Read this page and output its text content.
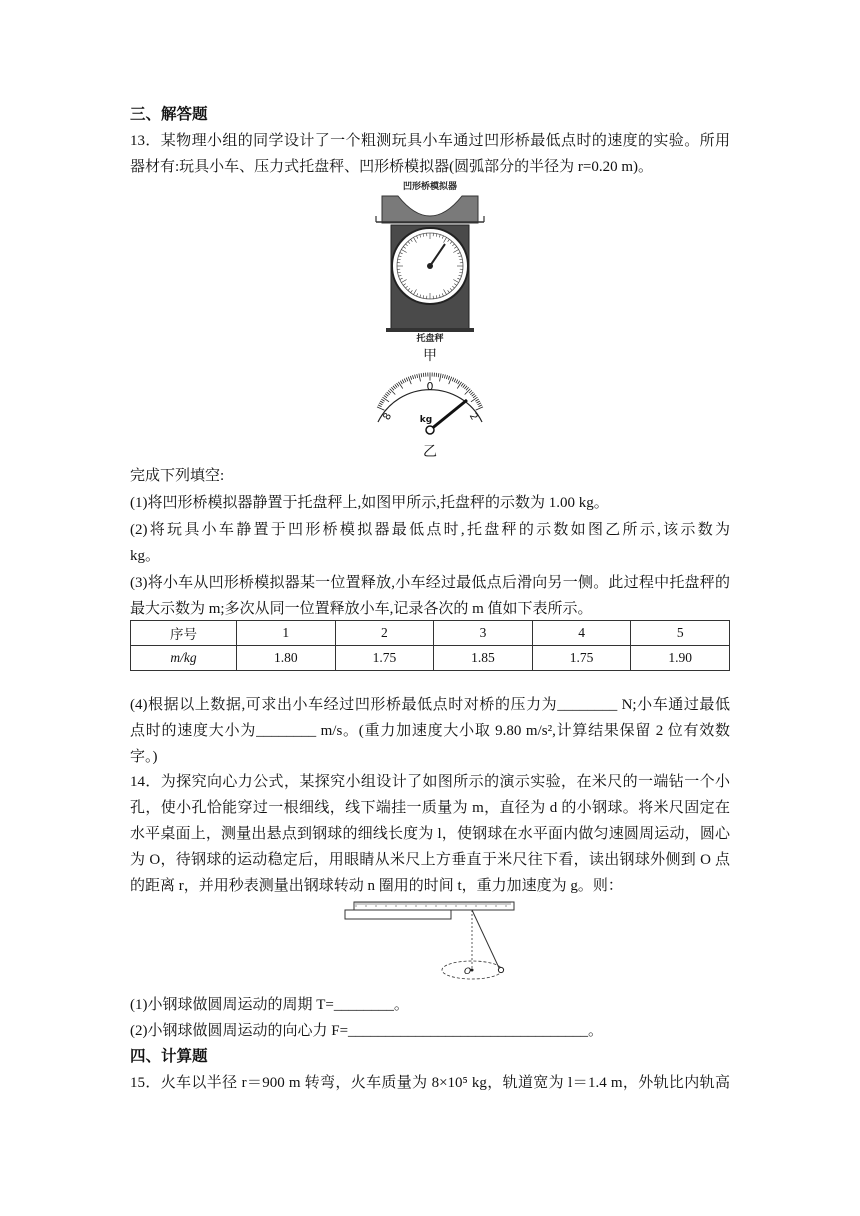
三、解答题
13．某物理小组的同学设计了一个粗测玩具小车通过凹形桥最低点时的速度的实验。所用
器材有:玩具小车、压力式托盘秤、凹形桥模拟器(圆弧部分的半径为 r=0.20 m)。
凹形桥模拟器
托盘秤
甲
0
8	2
kg
乙
完成下列填空:
(1)将凹形桥模拟器静置于托盘秤上,如图甲所示,托盘秤的示数为 1.00 kg。
(2)将玩具小车静置于凹形桥模拟器最低点时,托盘秤的示数如图乙所示,该示数为
kg。
(3)将小车从凹形桥模拟器某一位置释放,小车经过最低点后滑向另一侧。此过程中托盘秤的
最大示数为 m;多次从同一位置释放小车,记录各次的 m 值如下表所示。
序号	1	2	3	4	5
m/kg	1.80	1.75	1.85	1.75	1.90
(4)根据以上数据,可求出小车经过凹形桥最低点时对桥的压力为________ N;小车通过最低
点时的速度大小为________ m/s。(重力加速度大小取 9.80 m/s²,计算结果保留 2 位有效数
字。)
14．为探究向心力公式，某探究小组设计了如图所示的演示实验，在米尺的一端钻一个小
孔，使小孔恰能穿过一根细线，线下端挂一质量为 m，直径为 d 的小钢球。将米尺固定在
水平桌面上，测量出悬点到钢球的细线长度为 l，使钢球在水平面内做匀速圆周运动，圆心
为 O，待钢球的运动稳定后，用眼睛从米尺上方垂直于米尺往下看，读出钢球外侧到 O 点
的距离 r，并用秒表测量出钢球转动 n 圈用的时间 t，重力加速度为 g。则：
O
(1)小钢球做圆周运动的周期 T=________。
(2)小钢球做圆周运动的向心力 F=________________________________。
四、计算题
15．火车以半径 r＝900 m 转弯，火车质量为 8×10⁵ kg，轨道宽为 l＝1.4 m，外轨比内轨高
